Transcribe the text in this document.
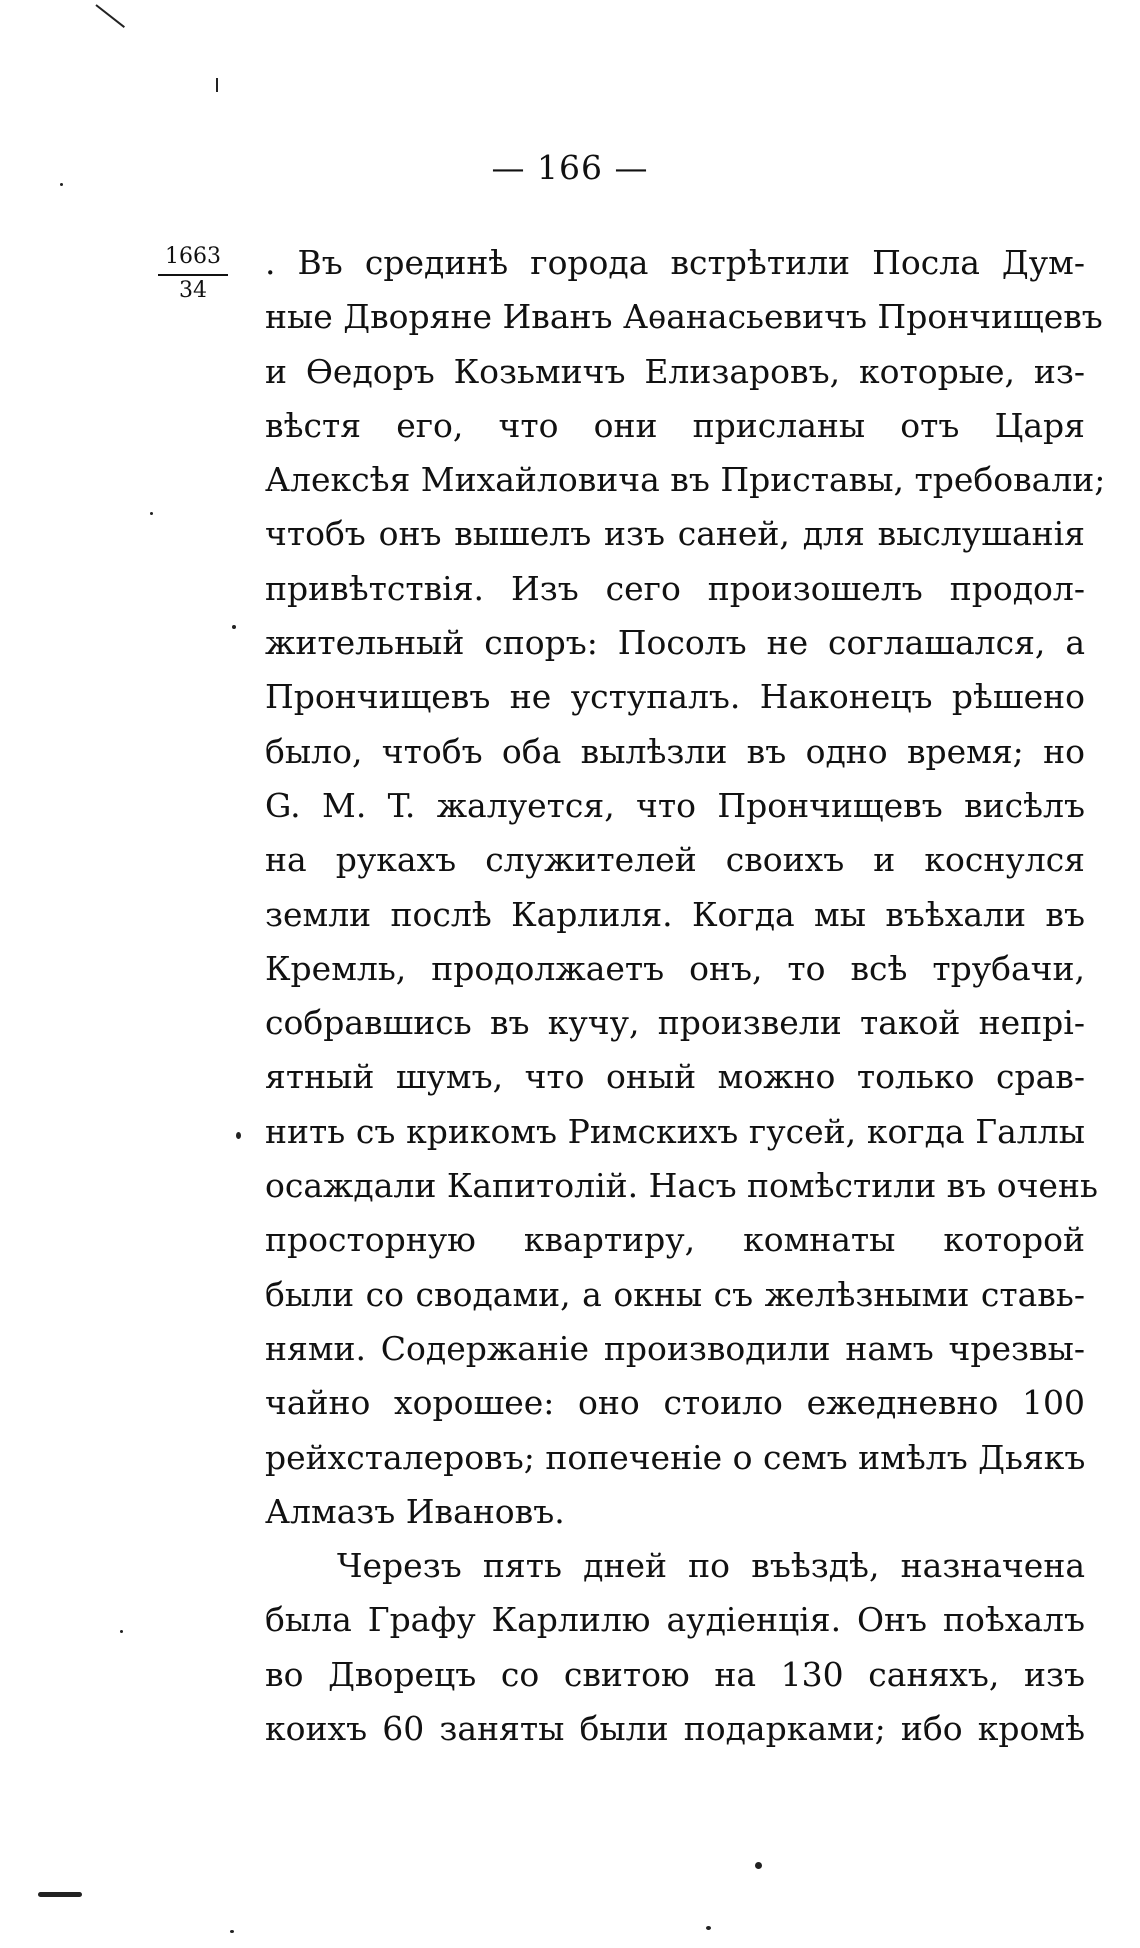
— 166 —
1663
34
. Въ срединѣ города встрѣтили Посла Дум-
ные Дворяне Иванъ Аѳанасьевичъ Прончищевъ
и Ѳедоръ Козьмичъ Елизаровъ, которые, из-
вѣстя его, что они присланы отъ Царя
Алексѣя Михайловича въ Приставы, требовали;
чтобъ онъ вышелъ изъ саней, для выслушанія
привѣтствія. Изъ сего произошелъ продол-
жительный споръ: Посолъ не соглашался, а
Прончищевъ не уступалъ. Наконецъ рѣшено
было, чтобъ оба вылѣзли въ одно время; но
G. M. T. жалуется, что Прончищевъ висѣлъ
на рукахъ служителей своихъ и коснулся
земли послѣ Карлиля. Когда мы въѣхали въ
Кремль, продолжаетъ онъ, то всѣ трубачи,
собравшись въ кучу, произвели такой непрі-
ятный шумъ, что оный можно только срав-
нить съ крикомъ Римскихъ гусей, когда Галлы
осаждали Капитолій. Насъ помѣстили въ очень
просторную квартиру, комнаты которой
были со сводами, а окны съ желѣзными ставь-
нями. Содержаніе производили намъ чрезвы-
чайно хорошее: оно стоило ежедневно 100
рейхсталеровъ; попеченіе о семъ имѣлъ Дьякъ
Алмазъ Ивановъ.
Черезъ пять дней по въѣздѣ, назначена
была Графу Карлилю аудіенція. Онъ поѣхалъ
во Дворецъ со свитою на 130 саняхъ, изъ
коихъ 60 заняты были подарками; ибо кромѣ
